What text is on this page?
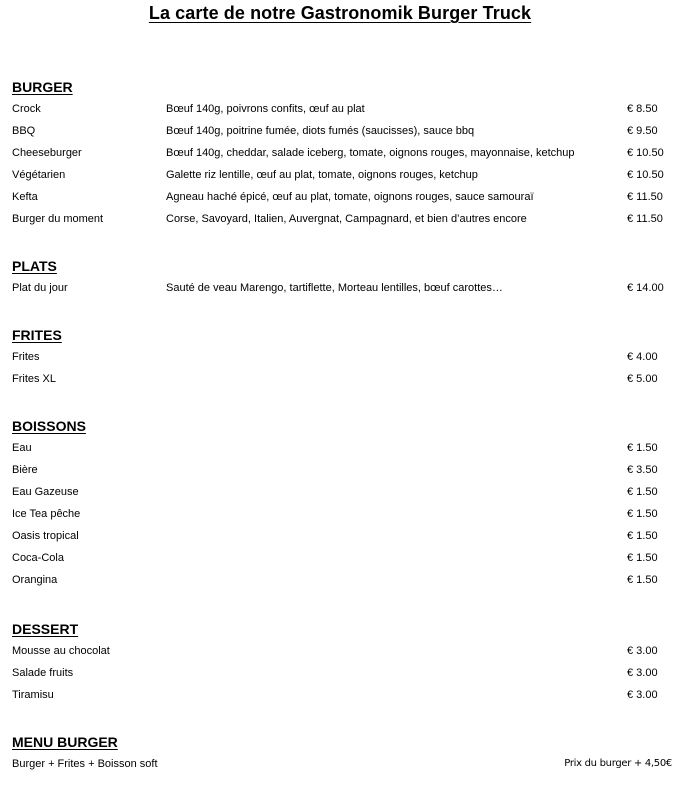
La carte de notre Gastronomik Burger Truck
BURGER
Crock	Bœuf 140g, poivrons confits, œuf au plat	€ 8.50
BBQ	Bœuf 140g, poitrine fumée, diots fumés (saucisses), sauce bbq	€ 9.50
Cheeseburger	Bœuf 140g, cheddar, salade iceberg, tomate, oignons rouges, mayonnaise, ketchup	€ 10.50
Végétarien	Galette riz lentille, œuf au plat, tomate, oignons rouges, ketchup	€ 10.50
Kefta	Agneau haché épicé, œuf au plat, tomate, oignons rouges, sauce samouraï	€ 11.50
Burger du moment	Corse, Savoyard, Italien, Auvergnat, Campagnard, et bien d’autres encore	€ 11.50
PLATS
Plat du jour	Sauté de veau Marengo, tartiflette, Morteau lentilles, bœuf carottes…	€ 14.00
FRITES
Frites	€ 4.00
Frites XL	€ 5.00
BOISSONS
Eau	€ 1.50
Bière	€ 3.50
Eau Gazeuse	€ 1.50
Ice Tea pêche	€ 1.50
Oasis tropical	€ 1.50
Coca-Cola	€ 1.50
Orangina	€ 1.50
DESSERT
Mousse au chocolat	€ 3.00
Salade fruits	€ 3.00
Tiramisu	€ 3.00
MENU BURGER
Burger + Frites + Boisson soft	Prix du burger + 4,50€
